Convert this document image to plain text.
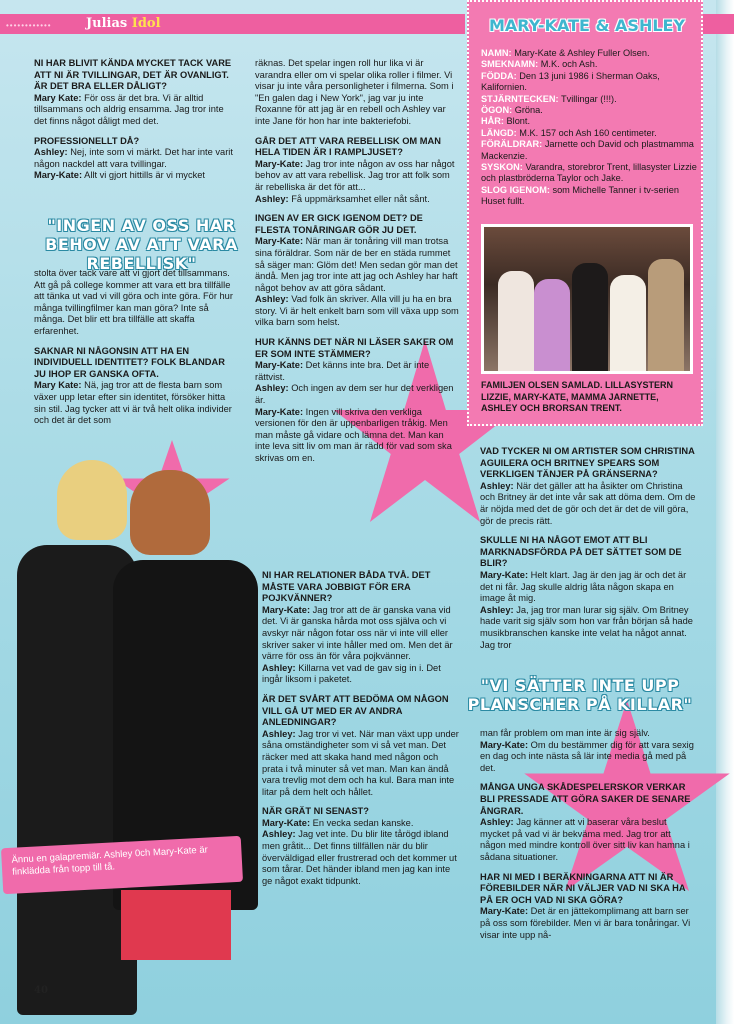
••••••••••••	Julias Idol

NI HAR BLIVIT KÄNDA MYCKET TACK VARE ATT NI ÄR TVILLINGAR, DET ÄR OVANLIGT. ÄR DET BRA ELLER DÅLIGT?
Mary Kate: För oss är det bra. Vi är alltid tillsammans och aldrig ensamma. Jag tror inte det finns något dåligt med det.

PROFESSIONELLT DÅ?
Ashley: Nej, inte som vi märkt. Det har inte varit någon nackdel att vara tvillingar.
Mary-Kate: Allt vi gjort hittills är vi mycket

"INGEN AV OSS HAR BEHOV AV ATT VARA REBELLISK"

stolta över tack vare att vi gjort det tillsammans. Att gå på college kommer att vara ett bra tillfälle att tänka ut vad vi vill göra och inte göra. För hur många tvillingfilmer kan man göra? Inte så många. Det blir ett bra tillfälle att skaffa erfarenhet.

SAKNAR NI NÅGONSIN ATT HA EN INDIVIDUELL IDENTITET? FOLK BLANDAR JU IHOP ER GANSKA OFTA.
Mary Kate: Nä, jag tror att de flesta barn som växer upp letar efter sin identitet, försöker hitta sin stil. Jag tycker att vi är två helt olika individer och det är det som

räknas. Det spelar ingen roll hur lika vi är varandra eller om vi spelar olika roller i filmer. Vi visar ju inte våra personligheter i filmerna. Som i "En galen dag i New York", jag var ju inte Roxanne för att jag är en rebell och Ashley var inte Jane för hon har inte bakteriefobi.

GÅR DET ATT VARA REBELLISK OM MAN HELA TIDEN ÄR I RAMPLJUSET?
Mary-Kate: Jag tror inte någon av oss har något behov av att vara rebellisk. Jag tror att folk som är rebelliska är det för att...
Ashley: Få uppmärksamhet eller nåt sånt.

INGEN AV ER GICK IGENOM DET? DE FLESTA TONÅRINGAR GÖR JU DET.
Mary-Kate: När man är tonåring vill man trotsa sina föräldrar. Som när de ber en städa rummet så säger man: Glöm det! Men sedan gör man det ändå. Men jag tror inte att jag och Ashley har haft något behov av att göra sådant.
Ashley: Vad folk än skriver. Alla vill ju ha en bra story. Vi är helt enkelt barn som vill växa upp som vilka barn som helst.

HUR KÄNNS DET NÄR NI LÄSER SAKER OM ER SOM INTE STÄMMER?
Mary-Kate: Det känns inte bra. Det är inte rättvist.
Ashley: Och ingen av dem ser hur det verkligen är.
Mary-Kate: Ingen vill skriva den verkliga versionen för den är uppenbarligen tråkig. Men man måste gå vidare och lämna det. Man kan inte leva sitt liv om man är rädd för vad som ska skrivas om en.

NI HAR RELATIONER BÅDA TVÅ. DET MÅSTE VARA JOBBIGT FÖR ERA POJKVÄNNER?
Mary-Kate: Jag tror att de är ganska vana vid det. Vi är ganska hårda mot oss själva och vi avskyr när någon fotar oss när vi inte vill eller skriver saker vi inte håller med om. Men det är värre för oss än för våra pojkvänner.
Ashley: Killarna vet vad de gav sig in i. Det ingår liksom i paketet.

ÄR DET SVÅRT ATT BEDÖMA OM NÅGON VILL GÅ UT MED ER AV ANDRA ANLEDNINGAR?
Ashley: Jag tror vi vet. När man växt upp under såna omständigheter som vi så vet man. Det räcker med att skaka hand med någon och prata i två minuter så vet man. Man kan ändå vara trevlig mot dem och ha kul. Bara man inte litar på dem helt och hållet.

NÄR GRÄT NI SENAST?
Mary-Kate: En vecka sedan kanske.
Ashley: Jag vet inte. Du blir lite tårögd ibland men gråtit... Det finns tillfällen när du blir överväldigad eller frustrerad och det kommer ut som tårar. Det händer ibland men jag kan inte ge något exakt tidpunkt.

MARY-KATE & ASHLEY
NAMN: Mary-Kate & Ashley Fuller Olsen.
SMEKNAMN: M.K. och Ash.
FÖDDA: Den 13 juni 1986 i Sherman Oaks, Kalifornien.
STJÄRNTECKEN: Tvillingar (!!!).
ÖGON: Gröna.
HÅR: Blont.
LÄNGD: M.K. 157 och Ash 160 centimeter.
FÖRÄLDRAR: Jarnette och David och plastmamma Mackenzie.
SYSKON: Varandra, storebror Trent, lillasyster Lizzie och plastbröderna Taylor och Jake.
SLOG IGENOM: som Michelle Tanner i tv-serien Huset fullt.
FAMILJEN OLSEN SAMLAD. LILLASYSTERN LIZZIE, MARY-KATE, MAMMA JARNETTE, ASHLEY OCH BRORSAN TRENT.

VAD TYCKER NI OM ARTISTER SOM CHRISTINA AGUILERA OCH BRITNEY SPEARS SOM VERKLIGEN TÄNJER PÅ GRÄNSERNA?
Ashley: När det gäller att ha åsikter om Christina och Britney är det inte vår sak att döma dem. Om de är nöjda med det de gör och det är det de vill göra, gör de precis rätt.

SKULLE NI HA NÅGOT EMOT ATT BLI MARKNADSFÖRDA PÅ DET SÄTTET SOM DE BLIR?
Mary-Kate: Helt klart. Jag är den jag är och det är det ni får. Jag skulle aldrig låta någon skapa en image åt mig.
Ashley: Ja, jag tror man lurar sig själv. Om Britney hade varit sig själv som hon var från början så hade musikbranschen kanske inte velat ha något annat. Jag tror

"VI SÄTTER INTE UPP PLANSCHER PÅ KILLAR"

man får problem om man inte är sig själv.
Mary-Kate: Om du bestämmer dig för att vara sexig en dag och inte nästa så lär inte media gå med på det.

MÅNGA UNGA SKÅDESPELERSKOR VERKAR BLI PRESSADE ATT GÖRA SAKER DE SENARE ÅNGRAR.
Ashley: Jag känner att vi baserar våra beslut mycket på vad vi är bekväma med. Jag tror att någon med mindre kontroll över sitt liv kan hamna i sådana situationer.

HAR NI MED I BERÄKNINGARNA ATT NI ÄR FÖREBILDER NÄR NI VÄLJER VAD NI SKA HA PÅ ER OCH VAD NI SKA GÖRA?
Mary-Kate: Det är en jättekomplimang att barn ser på oss som förebilder. Men vi är bara tonåringar. Vi visar inte upp nå-

Ännu en galapremiär. Ashley 0ch Mary-Kate är finklädda från topp till tå.
40
